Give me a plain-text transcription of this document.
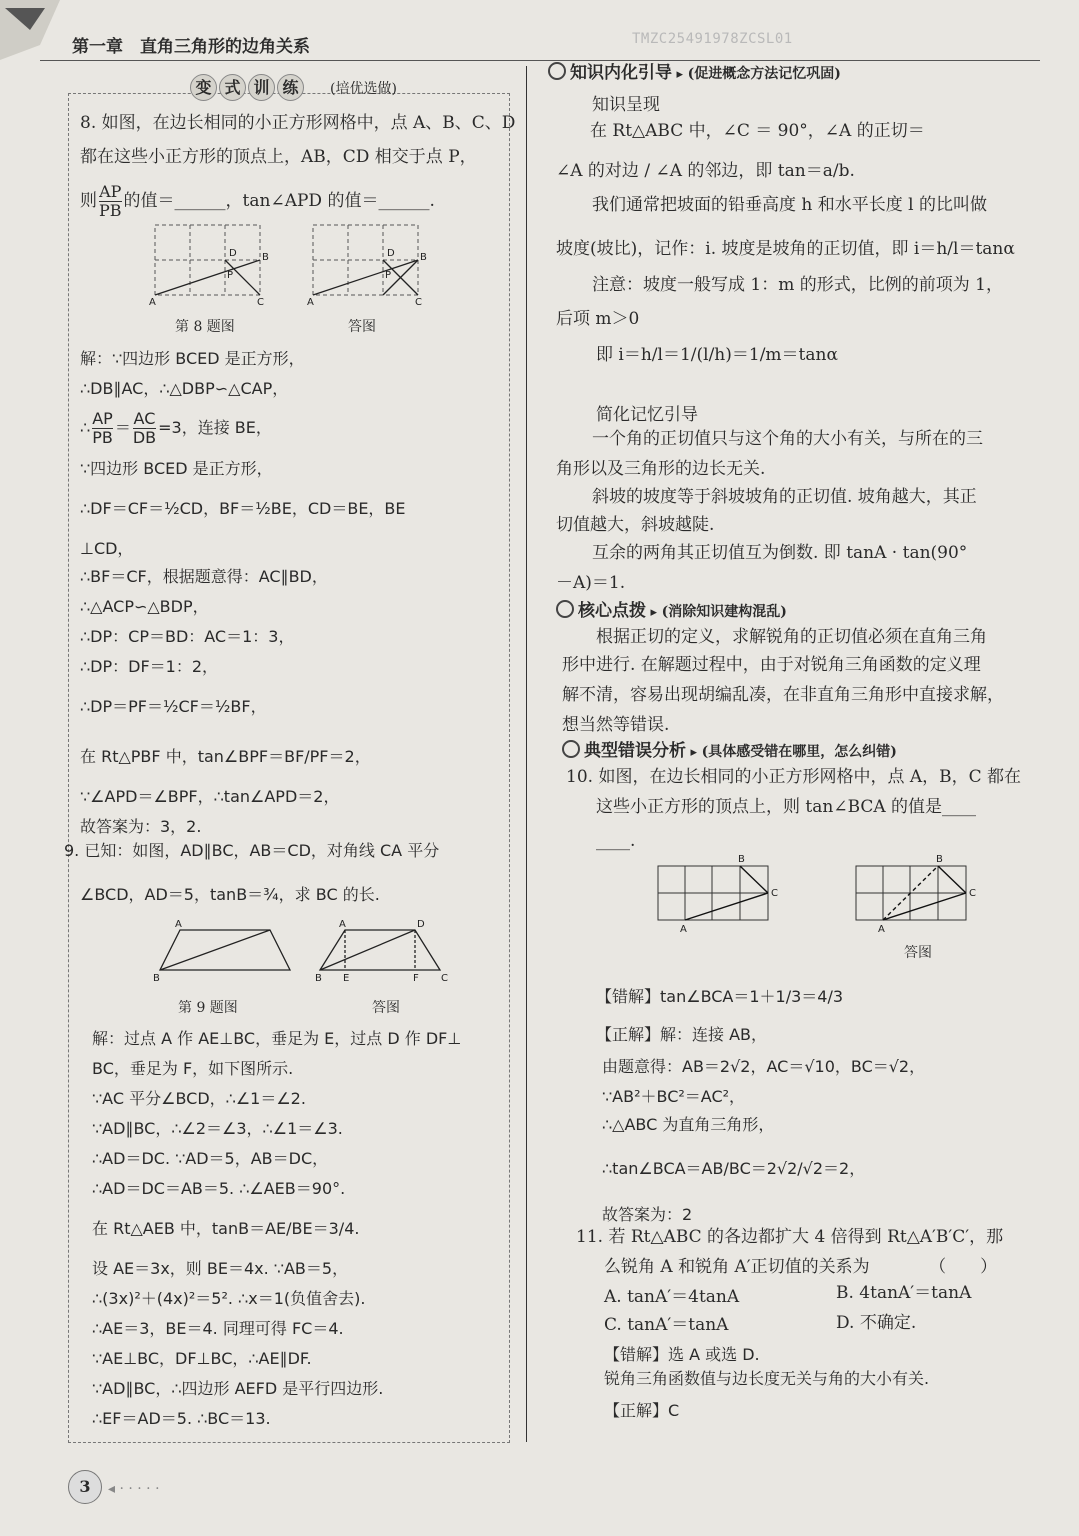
第一章　直角三角形的边角关系	TMZC25491978ZCSL01
变 式 训 练	(培优选做)
8. 如图，在边长相同的小正方形网格中，点 A、B、C、D
都在这些小正方形的顶点上，AB，CD 相交于点 P，
则 $\frac{AP}{PB}$ 的值＝______，tan∠APD 的值＝______.
D	B
P
A	C
D	B
P
A	C
第 8 题图	答图
解：∵四边形 BCED 是正方形，
∴DB∥AC，∴△DBP∽△CAP，
∴ $\frac{AP}{PB} = \frac{AC}{DB} =3$，连接 BE，
∵四边形 BCED 是正方形，
∴DF＝CF＝½CD，BF＝½BE，CD＝BE，BE
⊥CD，
∴BF＝CF，根据题意得：AC∥BD，
∴△ACP∽△BDP，
∴DP：CP＝BD：AC＝1：3，
∴DP：DF＝1：2，
∴DP＝PF＝½CF＝½BF，
在 Rt△PBF 中，tan∠BPF＝BF/PF＝2，
∵∠APD＝∠BPF，∴tan∠APD＝2，
故答案为：3，2.
9. 已知：如图，AD∥BC，AB＝CD，对角线 CA 平分
∠BCD，AD＝5，tanB＝¾，求 BC 的长.
A
B
A	D
B E	F C
第 9 题图	答图
解：过点 A 作 AE⊥BC，垂足为 E，过点 D 作 DF⊥
BC，垂足为 F，如下图所示.
∵AC 平分∠BCD，∴∠1＝∠2.
∵AD∥BC，∴∠2＝∠3，∴∠1＝∠3.
∴AD＝DC. ∵AD＝5，AB＝DC，
∴AD＝DC＝AB＝5. ∴∠AEB＝90°.
在 Rt△AEB 中，tanB＝AE/BE＝3/4.
设 AE＝3x，则 BE＝4x. ∵AB＝5，
∴(3x)²＋(4x)²＝5². ∴x＝1(负值舍去).
∴AE＝3，BE＝4. 同理可得 FC＝4.
∵AE⊥BC，DF⊥BC，∴AE∥DF.
∵AD∥BC，∴四边形 AEFD 是平行四边形.
∴EF＝AD＝5. ∴BC＝13.
3	◂ · · · · ·
知识内化引导 ▸ (促进概念方法记忆巩固)
知识呈现
在 Rt△ABC 中，∠C ＝ 90°，∠A 的正切＝
∠A 的对边 / ∠A 的邻边，即 tan＝a/b.
我们通常把坡面的铅垂高度 h 和水平长度 l 的比叫做
坡度(坡比)，记作：i. 坡度是坡角的正切值，即 i＝h/l＝tanα
注意：坡度一般写成 1：m 的形式，比例的前项为 1，
后项 m＞0
即 i＝h/l＝1/(l/h)＝1/m＝tanα
简化记忆引导
一个角的正切值只与这个角的大小有关，与所在的三
角形以及三角形的边长无关.
斜坡的坡度等于斜坡坡角的正切值. 坡角越大，其正
切值越大，斜坡越陡.
互余的两角其正切值互为倒数. 即 tanA · tan(90°
－A)＝1.
核心点拨 ▸ (消除知识建构混乱)
根据正切的定义，求解锐角的正切值必须在直角三角
形中进行. 在解题过程中，由于对锐角三角函数的定义理
解不清，容易出现胡编乱凑，在非直角三角形中直接求解，
想当然等错误.
典型错误分析 ▸ (具体感受错在哪里，怎么纠错)
10. 如图，在边长相同的小正方形网格中，点 A，B，C 都在
这些小正方形的顶点上，则 tan∠BCA 的值是____
____.
B
C
A
B
C
A
答图
【错解】tan∠BCA＝1＋1/3＝4/3
【正解】解：连接 AB，
由题意得：AB＝2√2，AC＝√10，BC＝√2，
∵AB²＋BC²＝AC²，
∴△ABC 为直角三角形，
∴tan∠BCA＝AB/BC＝2√2/√2＝2，
故答案为：2
11. 若 Rt△ABC 的各边都扩大 4 倍得到 Rt△A′B′C′，那
么锐角 A 和锐角 A′正切值的关系为　　　　（　　）
A. tanA′＝4tanA	B. 4tanA′＝tanA
C. tanA′＝tanA	D. 不确定.
【错解】选 A 或选 D.
锐角三角函数值与边长度无关与角的大小有关.
【正解】C
